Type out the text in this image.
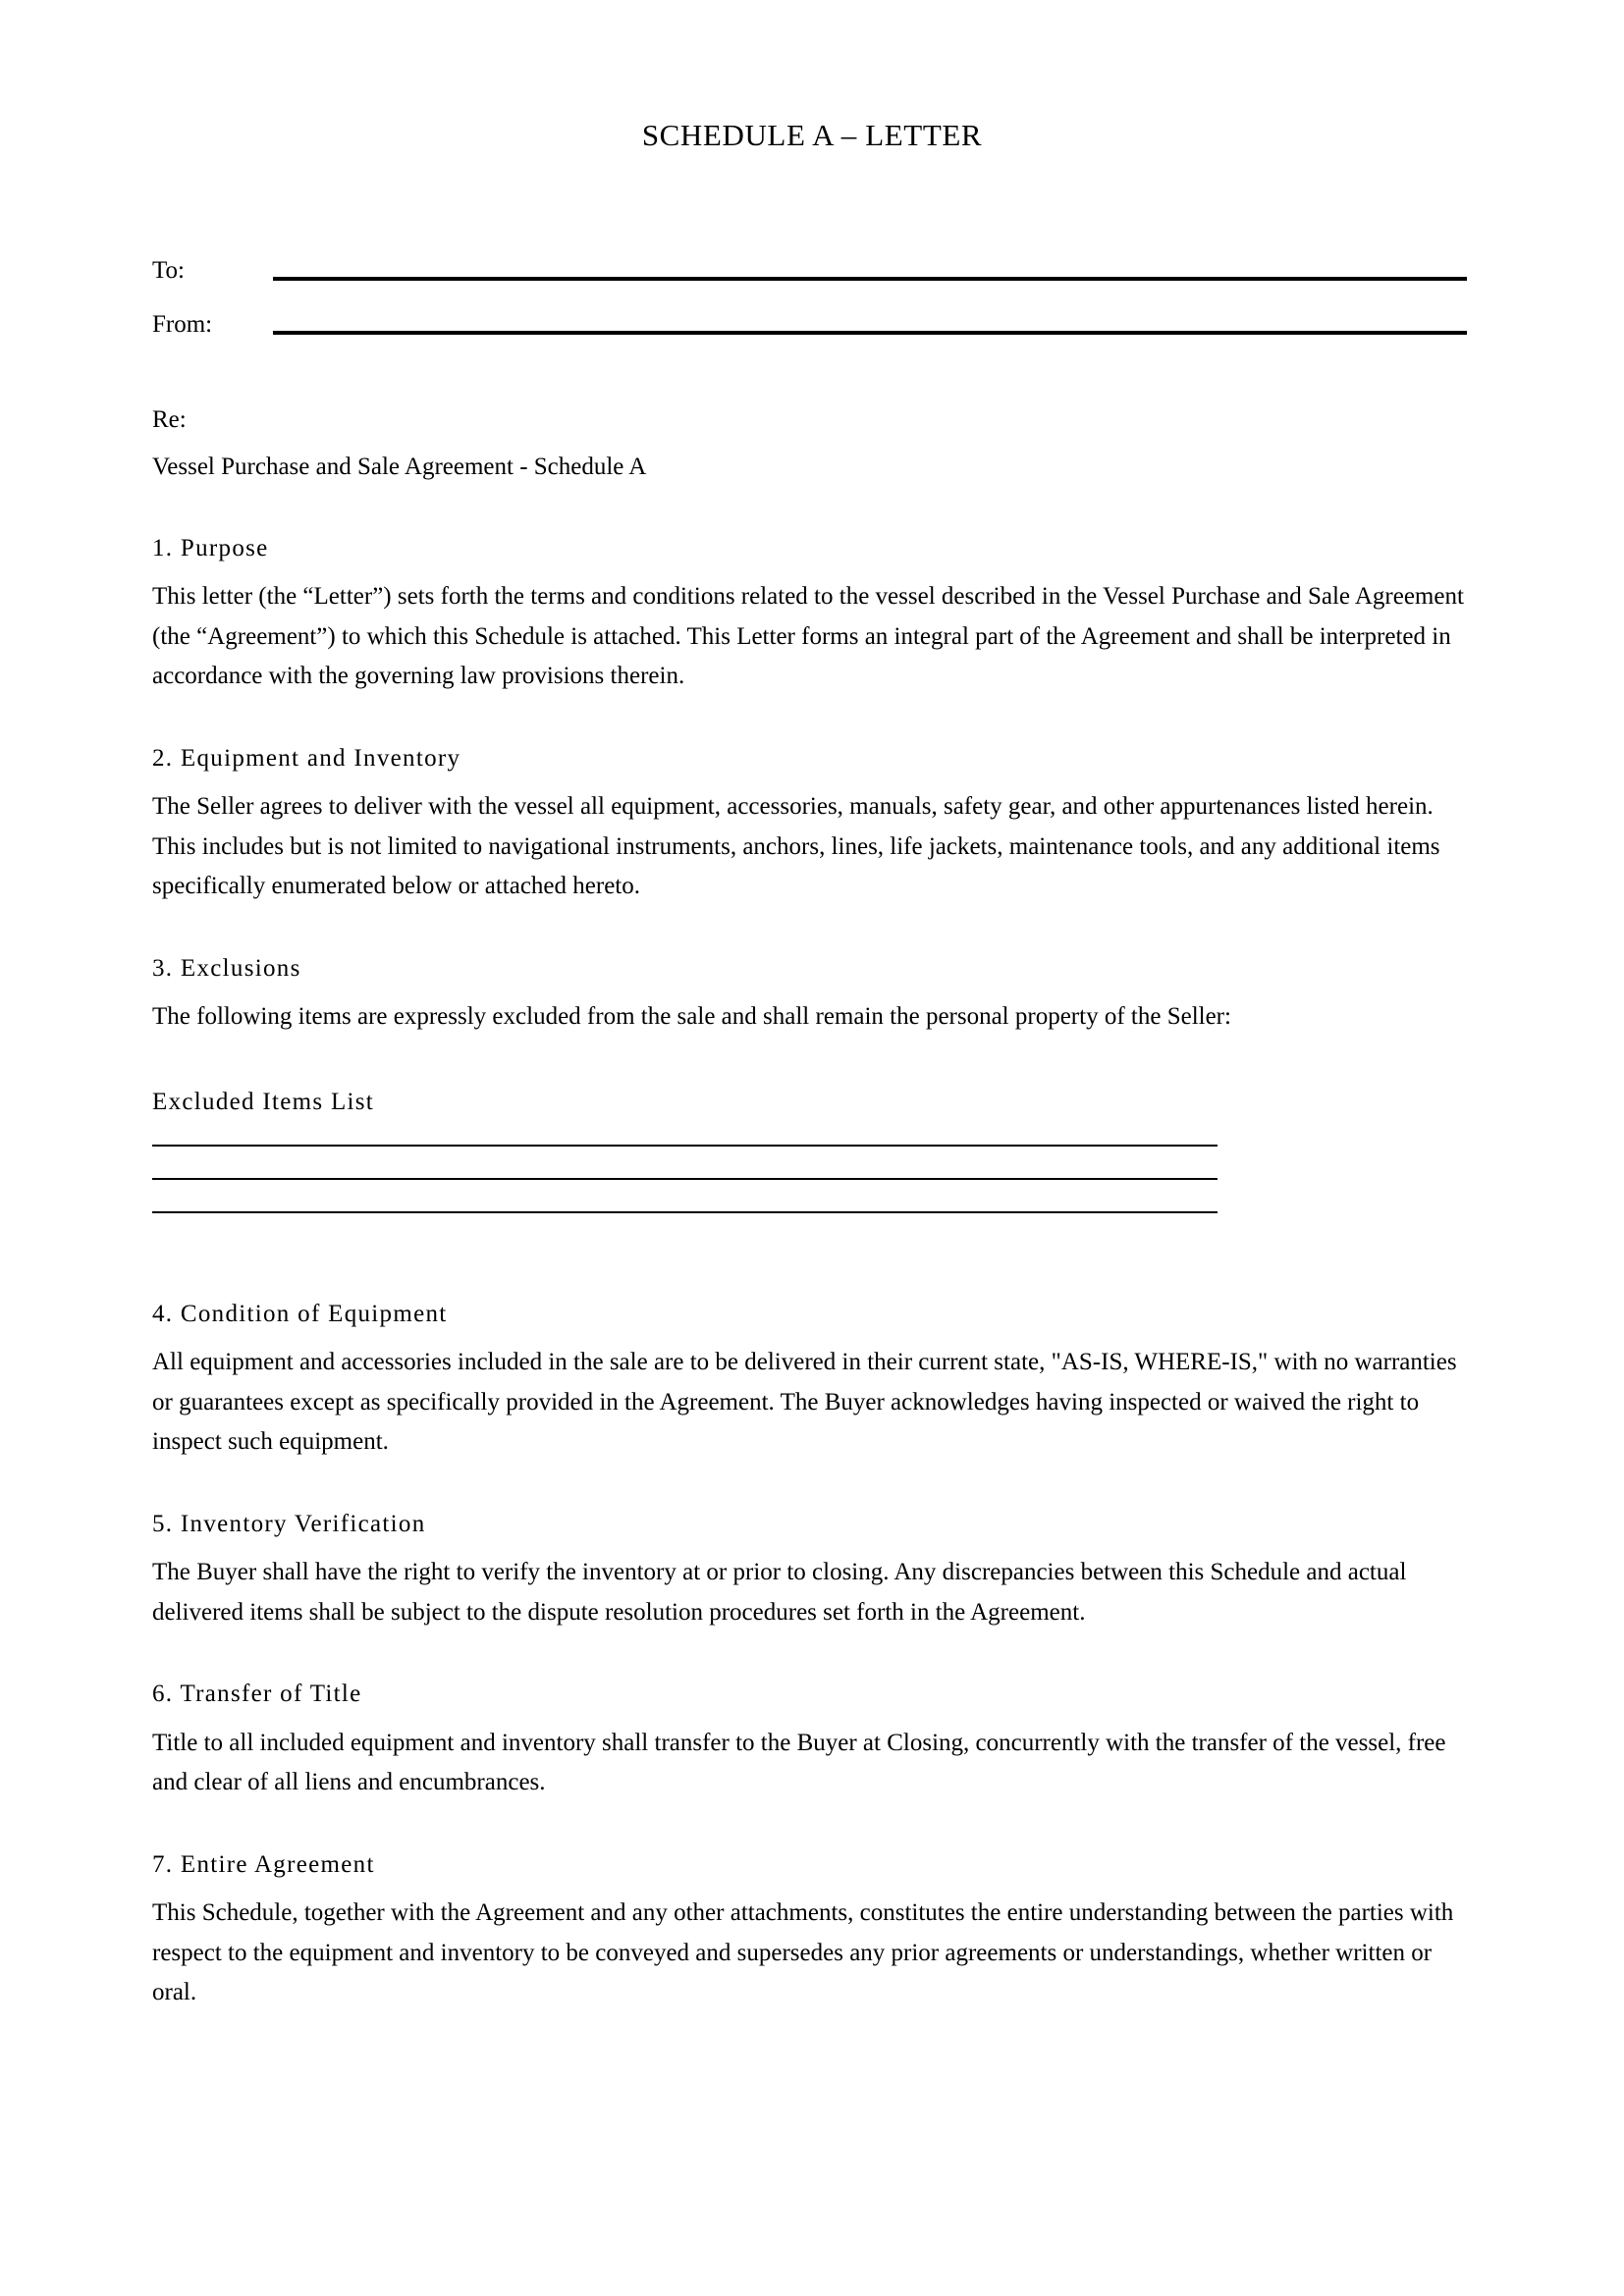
SCHEDULE A – LETTER
To:
From:
Re:
Vessel Purchase and Sale Agreement - Schedule A
1. Purpose

This letter (the “Letter”) sets forth the terms and conditions related to the vessel described in the Vessel Purchase and Sale Agreement (the “Agreement”) to which this Schedule is attached. This Letter forms an integral part of the Agreement and shall be interpreted in accordance with the governing law provisions therein.

2. Equipment and Inventory

The Seller agrees to deliver with the vessel all equipment, accessories, manuals, safety gear, and other appurtenances listed herein. This includes but is not limited to navigational instruments, anchors, lines, life jackets, maintenance tools, and any additional items specifically enumerated below or attached hereto.

3. Exclusions

The following items are expressly excluded from the sale and shall remain the personal property of the Seller:

Excluded Items List
4. Condition of Equipment

All equipment and accessories included in the sale are to be delivered in their current state, "AS-IS, WHERE-IS," with no warranties or guarantees except as specifically provided in the Agreement. The Buyer acknowledges having inspected or waived the right to inspect such equipment.

5. Inventory Verification

The Buyer shall have the right to verify the inventory at or prior to closing. Any discrepancies between this Schedule and actual delivered items shall be subject to the dispute resolution procedures set forth in the Agreement.

6. Transfer of Title

Title to all included equipment and inventory shall transfer to the Buyer at Closing, concurrently with the transfer of the vessel, free and clear of all liens and encumbrances.

7. Entire Agreement

This Schedule, together with the Agreement and any other attachments, constitutes the entire understanding between the parties with respect to the equipment and inventory to be conveyed and supersedes any prior agreements or understandings, whether written or oral.
